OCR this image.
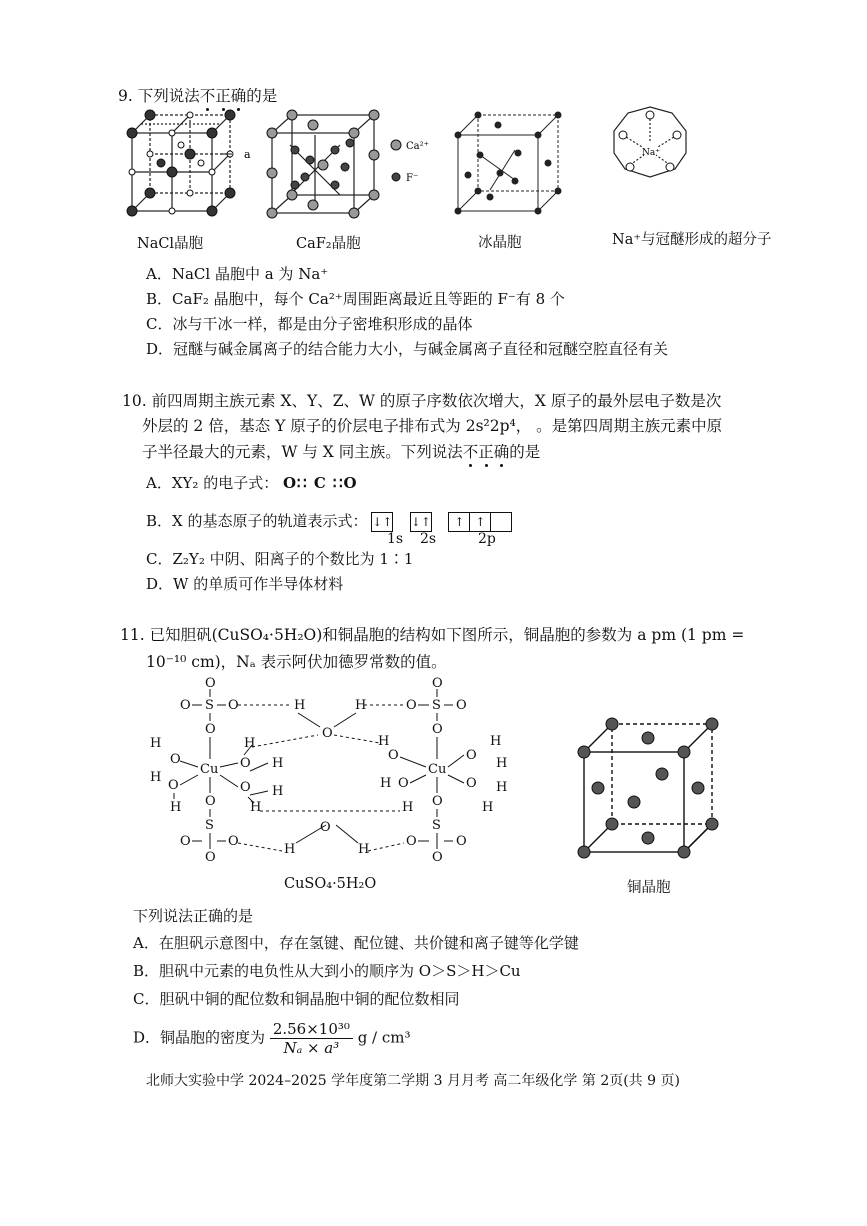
9. 下列说法不正确的是
a
Ca²⁺
F⁻
Na⁺
NaCl晶胞	CaF₂晶胞	冰晶胞	Na⁺与冠醚形成的超分子
A．NaCl 晶胞中 a 为 Na⁺
B．CaF₂ 晶胞中，每个 Ca²⁺周围距离最近且等距的 F⁻有 8 个
C．冰与干冰一样，都是由分子密堆积形成的晶体
D．冠醚与碱金属离子的结合能力大小，与碱金属离子直径和冠醚空腔直径有关
10. 前四周期主族元素 X、Y、Z、W 的原子序数依次增大，X 原子的最外层电子数是次
外层的 2 倍，基态 Y 原子的价层电子排布式为 2s²2p⁴， 。是第四周期主族元素中原
子半径最大的元素，W 与 X 同主族。下列说法不正确的是
A．XY₂ 的电子式： O∷ C ∷O
B．X 的基态原子的轨道表示式： ↓↑ ↓↑ ↑ ↑
1s 2s	2p
C．Z₂Y₂ 中阴、阳离子的个数比为 1∶1
D．W 的单质可作半导体材料
11. 已知胆矾(CuSO₄·5H₂O)和铜晶胞的结构如下图所示，铜晶胞的参数为 a pm (1 pm =
10⁻¹⁰ cm)，Nₐ 表示阿伏加德罗常数的值。
O
O S O
O
H
O
H
O
O S O
O
H
O
Cu
H
O
H
O H
H
O H
H
H
O
Cu
H O
H
O
H
H
O H
H
O
H	H
O
S
O	O
O
O
S
O	O
O
CuSO₄·5H₂O	铜晶胞
下列说法正确的是
A．在胆矾示意图中，存在氢键、配位键、共价键和离子键等化学键
B．胆矾中元素的电负性从大到小的顺序为 O＞S＞H＞Cu
C．胆矾中铜的配位数和铜晶胞中铜的配位数相同
D．铜晶胞的密度为 $\frac{\text{2.56×10³⁰}}{\text{Nₐ × a³}}$ g / cm³
北师大实验中学 2024–2025 学年度第二学期 3 月月考 高二年级化学 第 2页(共 9 页)
